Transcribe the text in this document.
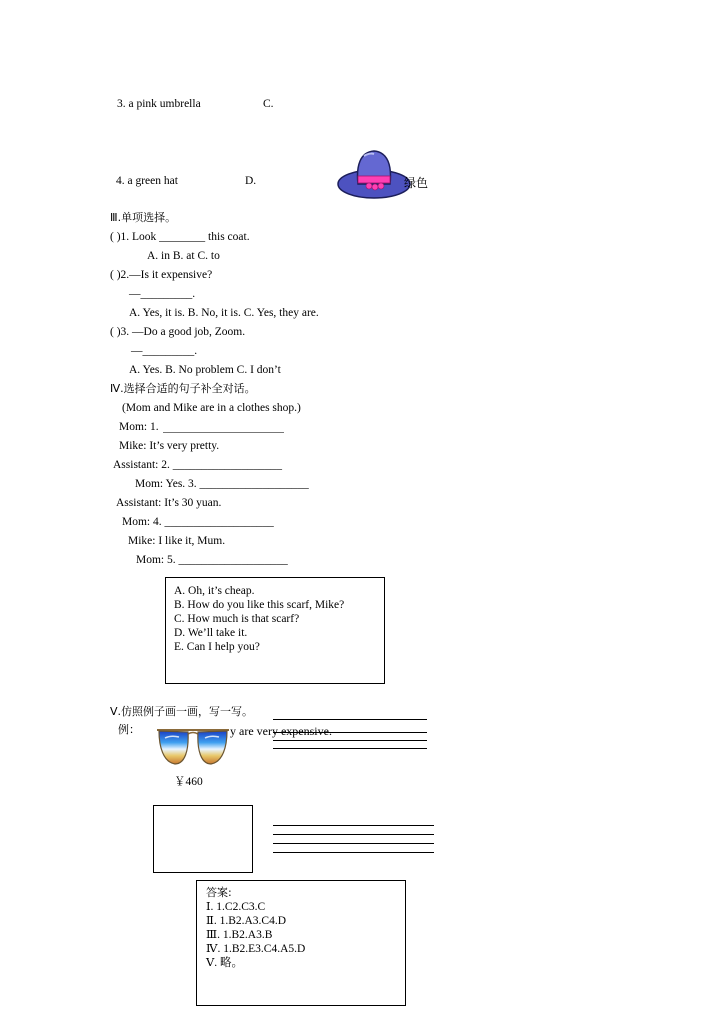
3. a pink umbrella	C.
4. a green hat	D.	绿色
Ⅲ.单项选择。
( )1. Look ________ this coat.
A. in B. at C. to
( )2.—Is it expensive?
—_________.
A. Yes, it is. B. No, it is. C. Yes, they are.
( )3. —Do a good job, Zoom.
—_________.
A. Yes. B. No problem C. I don’t
Ⅳ.选择合适的句子补全对话。
(Mom and Mike are in a clothes shop.)
Mom: 1.
Mike: It’s very pretty.
Assistant: 2. ___________________
Mom: Yes. 3. ___________________
Assistant: It’s 30 yuan.
Mom: 4. ___________________
Mike: I like it, Mum.
Mom: 5. ___________________
A. Oh, it’s cheap.
B. How do you like this scarf, Mike?
C. How much is that scarf?
D. We’ll take it.
E. Can I help you?
Ⅴ.仿照例子画一画，写一写。
例：	y are very expensive.
￥460
答案:
Ⅰ. 1.C2.C3.C
Ⅱ. 1.B2.A3.C4.D
Ⅲ. 1.B2.A3.B
Ⅳ. 1.B2.E3.C4.A5.D
Ⅴ. 略。
